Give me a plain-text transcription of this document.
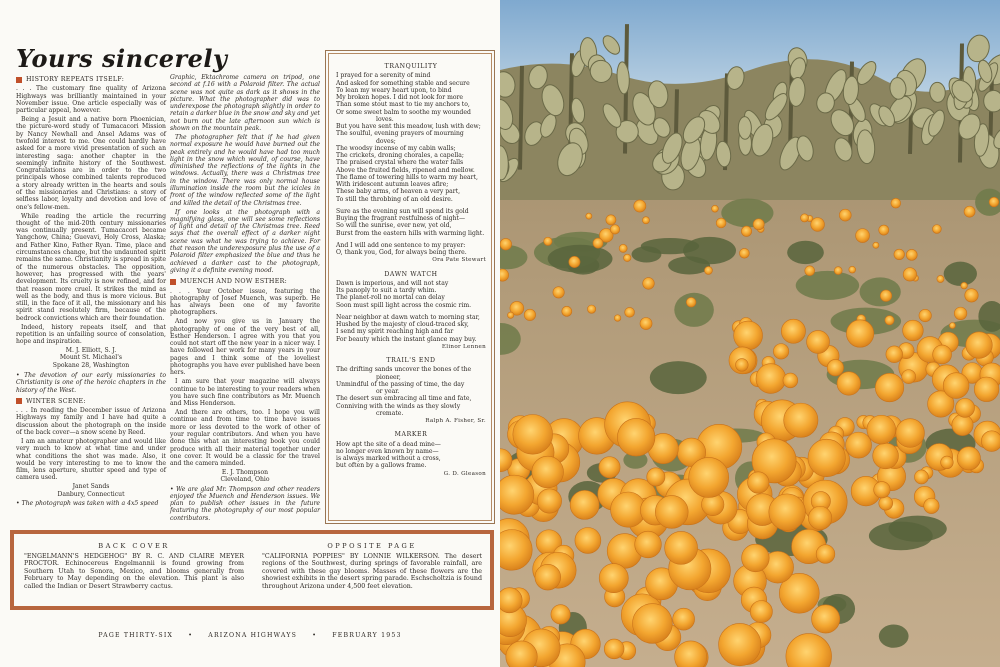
Yours sincerely
HISTORY REPEATS ITSELF:

. . . The customary fine quality of Arizona Highways was brilliantly maintained in your November issue. One article especially was of particular appeal, however.

Being a Jesuit and a native born Phoenician, the picture-word study of Tumacacori Mission by Nancy Newhall and Ansel Adams was of twofold interest to me. One could hardly have asked for a more vivid presentation of such an interesting saga: another chapter in the seemingly infinite history of the Southwest. Congratulations are in order to the two principals whose combined talents reproduced a story already written in the hearts and souls of the missionaries and Christians: a story of selfless labor, loyalty and devotion and love of one's fellow-men.

While reading the article the recurring thought of the mid-20th century missionaries was continually present. Tumacacori became Yangchow, China; Guevavi, Holy Cross, Alaska; and Father Kino, Father Ryan. Time, place and circumstances change, but the undaunted spirit remains the same. Christianity is spread in spite of the numerous obstacles. The opposition, however, has progressed with the years' development. Its cruelty is now refined, and for that reason more cruel. It strikes the mind as well as the body, and thus is more vicious. But still, in the face of it all, the missionary and his spirit stand resolutely firm, because of the bedrock convictions which are their foundation.

Indeed, history repeats itself, and that repetition is an unfailing source of consolation, hope and inspiration.

M. J. Elliott, S. J.

Mount St. Michael's

Spokane 28, Washington

• The devotion of our early missionaries to Christianity is one of the heroic chapters in the history of the West.

WINTER SCENE:

. . . In reading the December issue of Arizona Highways my family and I have had quite a discussion about the photograph on the inside of the back cover—a snow scene by Reed.

I am an amateur photographer and would like very much to know at what time and under what conditions the shot was made. Also, it would be very interesting to me to know the film, lens aperture, shutter speed and type of camera used.

Janet Sands

Danbury, Connecticut

• The photograph was taken with a 4x5 speed

Graphic, Ektachrome camera on tripod, one second at f.16 with a Polaroid filter. The actual scene was not quite as dark as it shows in the picture. What the photographer did was to underexpose the photograph slightly in order to retain a darker blue in the snow and sky and yet not burn out the late afternoon sun which is shown on the mountain peak.

The photographer felt that if he had given normal exposure he would have burned out the peak entirely and he would have had too much light in the snow which would, of course, have diminished the reflections of the lights in the windows. Actually, there was a Christmas tree in the window. There was only normal house illumination inside the room but the icicles in front of the window reflected some of the light and killed the detail of the Christmas tree.

If one looks at the photograph with a magnifying glass, one will see some reflections of light and detail of the Christmas tree. Reed says that the overall effect of a darker night scene was what he was trying to achieve. For that reason the underexposure plus the use of a Polaroid filter emphasized the blue and thus he achieved a darker cast to the photograph, giving it a definite evening mood.

MUENCH AND NOW ESTHER:

. . . Your October issue, featuring the photography of Josef Muench, was superb. He has always been one of my favorite photographers.

And now you give us in January the photography of one of the very best of all, Esther Henderson. I agree with you that you could not start off the new year in a nicer way. I have followed her work for many years in your pages and I think some of the loveliest photographs you have ever published have been hers.

I am sure that your magazine will always continue to be interesting to your readers when you have such fine contributors as Mr. Muench and Miss Henderson.

And there are others, too. I hope you will continue and from time to time have issues more or less devoted to the work of other of your regular contributors. And when you have done this what an interesting book you could produce with all their material together under one cover. It would be a classic for the travel and the camera minded.

E. J. Thompson

Cleveland, Ohio

• We are glad Mr. Thompson and other readers enjoyed the Muench and Henderson issues. We plan to publish other issues in the future featuring the photography of our most popular contributors.

TRANQUILITY
I prayed for a serenity of mind
And asked for something stable and secure
To lean my weary heart upon, to bind
My broken hopes. I did not look for more
Than some stout mast to tie my anchors to,
Or some sweet balm to soothe my wounded
loves.
But you have sent this meadow, lush with dew;
The soulful, evening prayers of mourning
doves;
The woodsy incense of my cabin walls;
The crickets, droning chorales, a capella;
The praised crystal where the water falls
Above the fruited fields, ripened and mellow.
The flame of towering hills to warm my heart,
With iridescent autumn leaves afire;
These baby arms, of heaven a very part,
To still the throbbing of an old desire.
Sure as the evening sun will spend its gold
Buying the fragrant restfulness of night—
So will the sunrise, ever new, yet old,
Burst from the eastern hills with warming light.
And I will add one sentence to my prayer:
O, thank you, God, for always being there.
Ora Pate Stewart
DAWN WATCH
Dawn is imperious, and will not stay
Its panoply to suit a tardy whim.
The planet-roll no mortal can delay
Soon must spill light across the cosmic rim.
Near neighbor at dawn watch to morning star,
Hushed by the majesty of cloud-traced sky,
I send my spirit reaching high and far
For beauty which the instant glance may buy.
Elinor Lennen
TRAIL'S END
The drifting sands uncover the bones of the
pioneer,
Unmindful of the passing of time, the day
or year.
The desert sun embracing all time and fate,
Conniving with the winds as they slowly
cremate.
Ralph A. Fisher, Sr.
MARKER
How apt the site of a dead mine—
no longer even known by name—
is always marked without a cross,
but often by a gallows frame.
G. D. Gleason
BACK COVER
"ENGELMANN'S HEDGEHOG" BY R. C. AND CLAIRE MEYER PROCTOR. Echinocereus Engelmannii is found growing from Southern Utah to Sonora, Mexico, and blooms generally from February to May depending on the elevation. This plant is also called the Indian or Desert Strawberry cactus.
OPPOSITE PAGE
"CALIFORNIA POPPIES" BY LONNIE WILKERSON. The desert regions of the Southwest, during springs of favorable rainfall, are covered with these gay blooms. Masses of these flowers are the showiest exhibits in the desert spring parade. Eschscholtzia is found throughout Arizona under 4,500 feet elevation.
PAGE THIRTY-SIX • ARIZONA HIGHWAYS • FEBRUARY 1953
